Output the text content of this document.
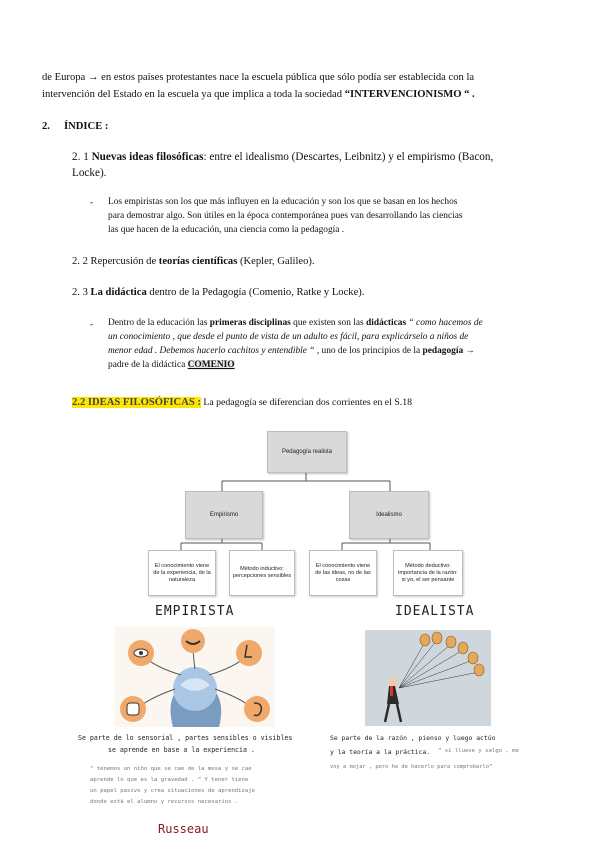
de Europa → en estos países protestantes nace la escuela pública que sólo podía ser establecida con la
intervención del Estado en la escuela ya que implica a toda la sociedad “INTERVENCIONISMO “ .
2. ÍNDICE :
2. 1 Nuevas ideas filosóficas: entre el idealismo (Descartes, Leibnitz) y el empirismo (Bacon,
Locke).
- Los empiristas son los que más influyen en la educación y son los que se basan en los hechos
para demostrar algo. Son útiles en la época contemporánea pues van desarrollando las ciencias
las que hacen de la educación, una ciencia como la pedagogía .
2. 2 Repercusión de teorías científicas (Kepler, Galileo).
2. 3 La didáctica dentro de la Pedagogía (Comenio, Ratke y Locke).
- Dentro de la educación las primeras disciplinas que existen son las didácticas “ como hacemos de
un conocimiento , que desde el punto de vista de un adulto es fácil, para explicárselo a niños de
menor edad . Debemos hacerlo cachitos y entendible “ , uno de los principios de la pedagogía →
padre de la didáctica COMENIO
2.2 IDEAS FILOSÓFICAS : La pedagogía se diferencian dos corrientes en el S.18
Pedagogía realista
Empirismo	Idealismo
El conocimiento viene de la experiencia, de la naturaleza
Método inductivo: percepciones sensibles
El conocimiento viene de las ideas, no de las cosas
Método deductivo: importancia de la razón: si yo, el ser pensante
EMPIRISTA	IDEALISTA
Se parte de lo sensorial , partes sensibles o visibles
se aprende en base a la experiencia .
“ tenemos un niño que se cae de la mesa y se cae
aprende lo que es la gravedad . ” Y tener tiene
un papel pasivo y crea situaciones de aprendizaje
donde está el alumno y recursos necesarios .
Russeau
Se parte de la razón , pienso y luego actúo
y la teoría a la práctica. “ si llueve y salgo , me
voy a mojar , pero he de hacerlo para comprobarlo”
